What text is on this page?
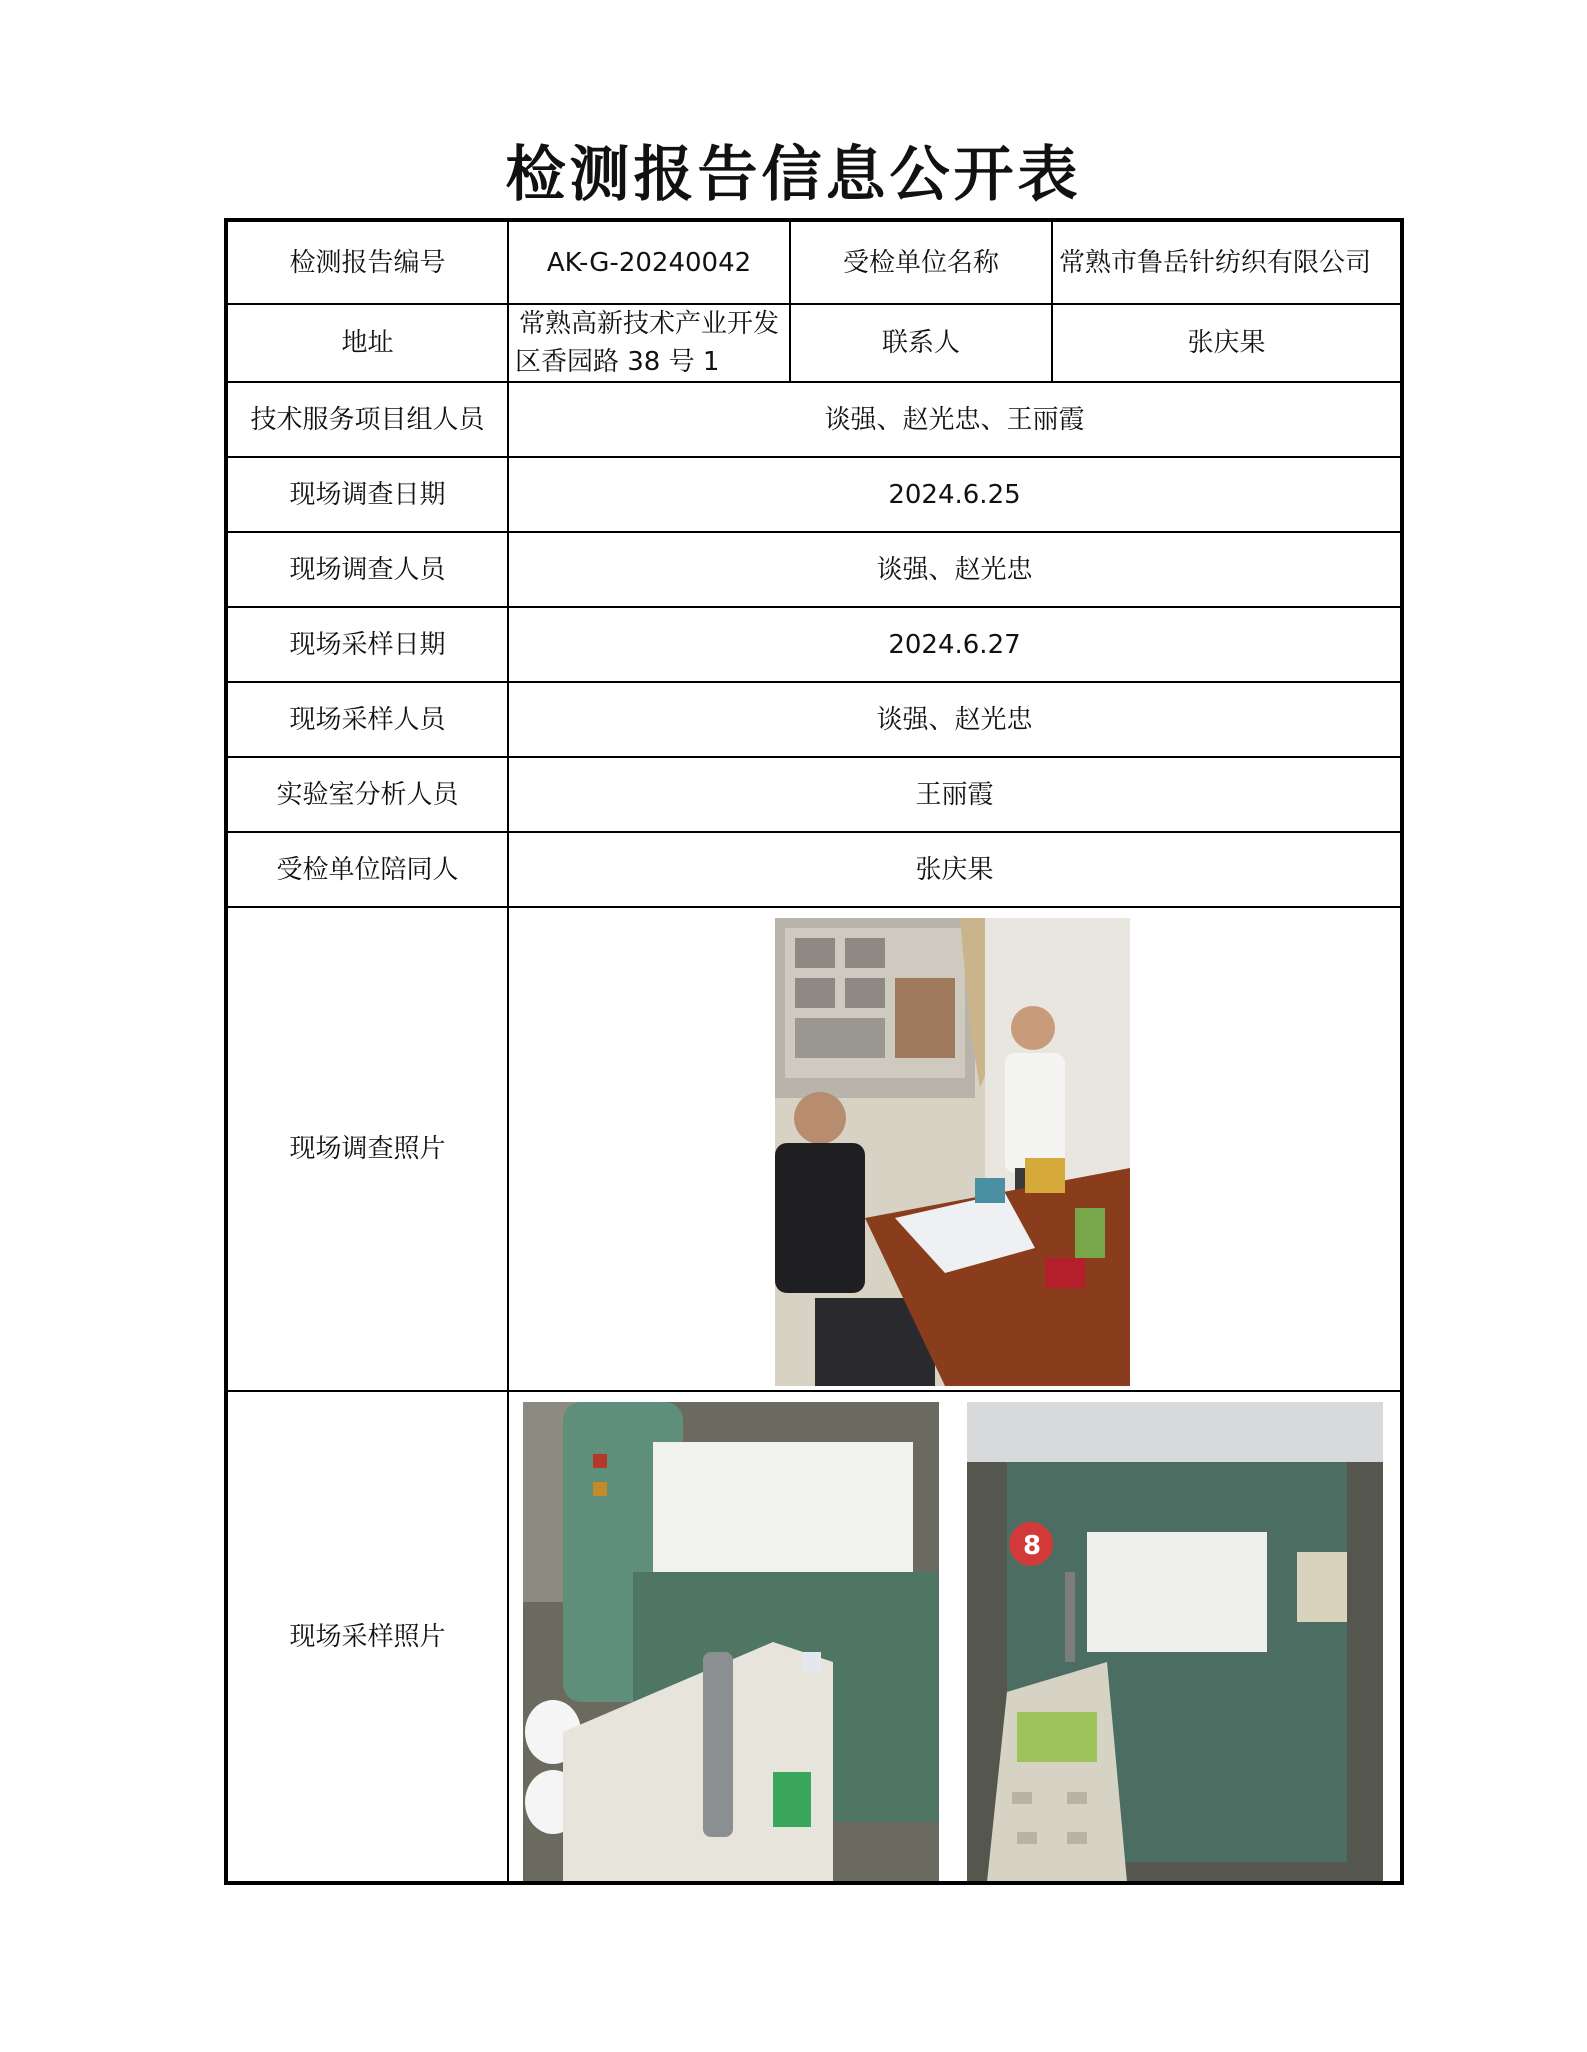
检测报告信息公开表
检测报告编号	AK-G-20240042	受检单位名称	常熟市鲁岳针纺织有限公司
地址	常熟高新技术产业开发区香园路 38 号 1	联系人	张庆果
技术服务项目组人员	谈强、赵光忠、王丽霞		
现场调查日期	2024.6.25		
现场调查人员	谈强、赵光忠		
现场采样日期	2024.6.27		
现场采样人员	谈强、赵光忠		
实验室分析人员	王丽霞		
受检单位陪同人	张庆果		
现场调查照片	

现场采样照片	8		
